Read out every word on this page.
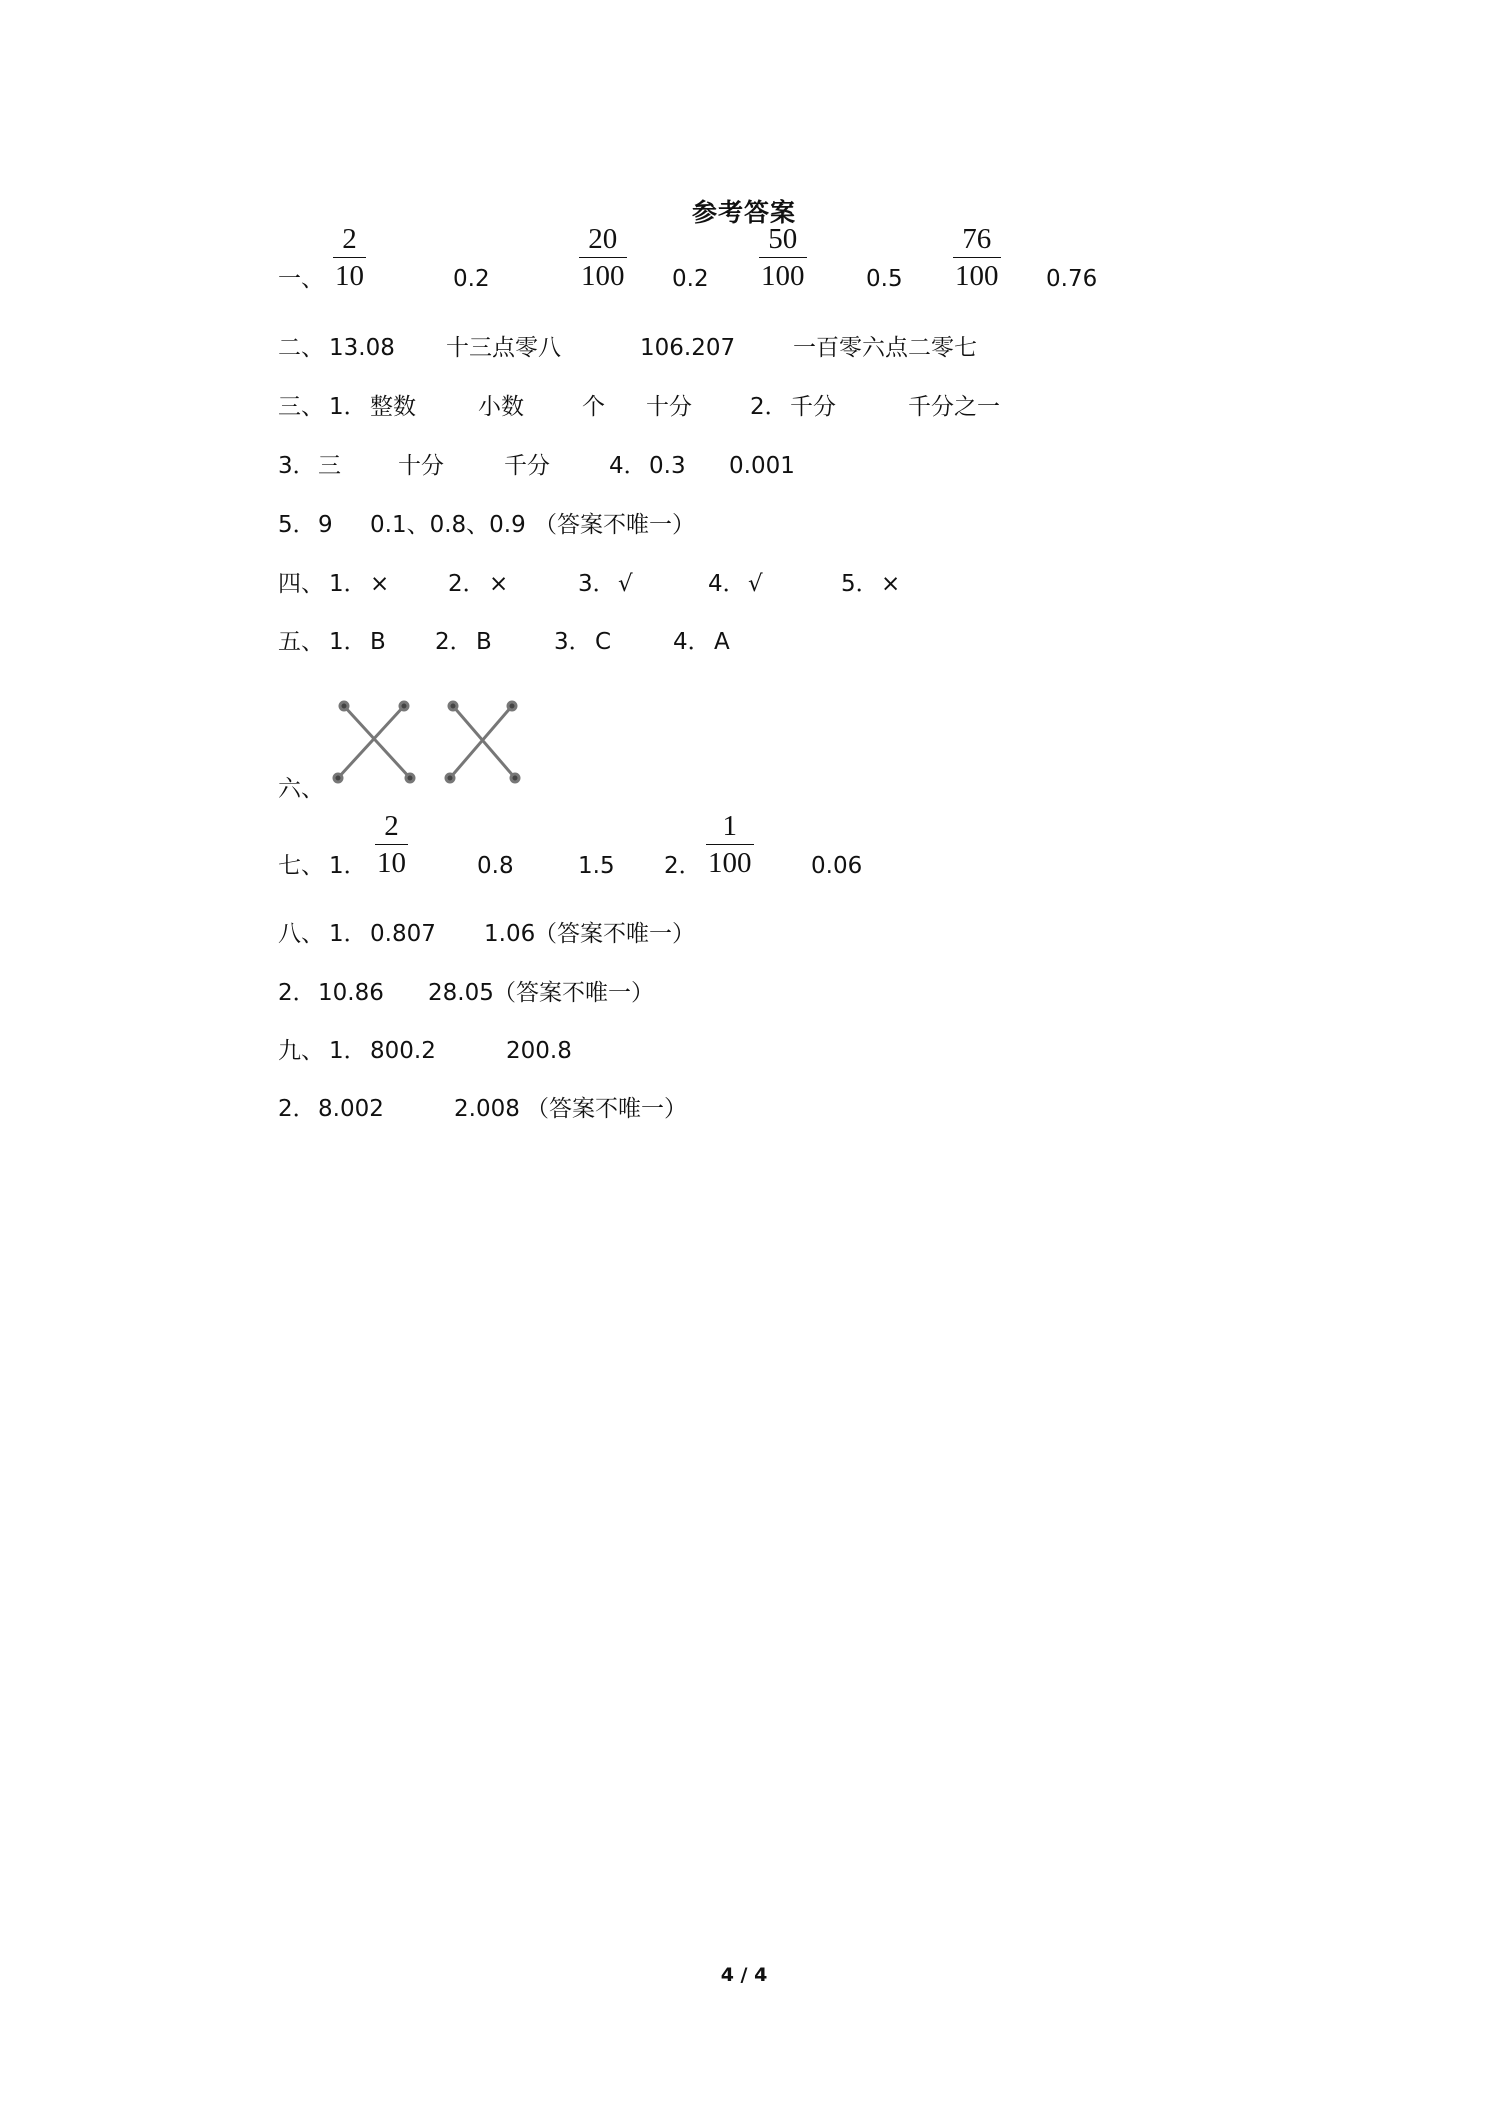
参考答案
一、
2
10	0.2
20
100 0.2
50
100	0.5
76
100 0.76
二、 13.08 十三点零八	106.207	一百零六点二零七
三、 1． 整数	小数	个 十分	2． 千分	千分之一
3． 三 十分	千分	4． 0.3 0.001
5． 9 0.1、0.8、0.9 （答案不唯一）
四、 1． ×	2． ×	3． √	4． √	5． ×
五、 1． B 2． B	3． C	4． A
六、
七、 1．
2
10	0.8	1.5 2．
1
100	0.06
八、 1． 0.807 1.06
（答案不唯一）
2． 10.86 28.05 （答案不唯一）
九、 1． 800.2	200.8
2． 8.002	2.008 （答案不唯一）
4 / 4
